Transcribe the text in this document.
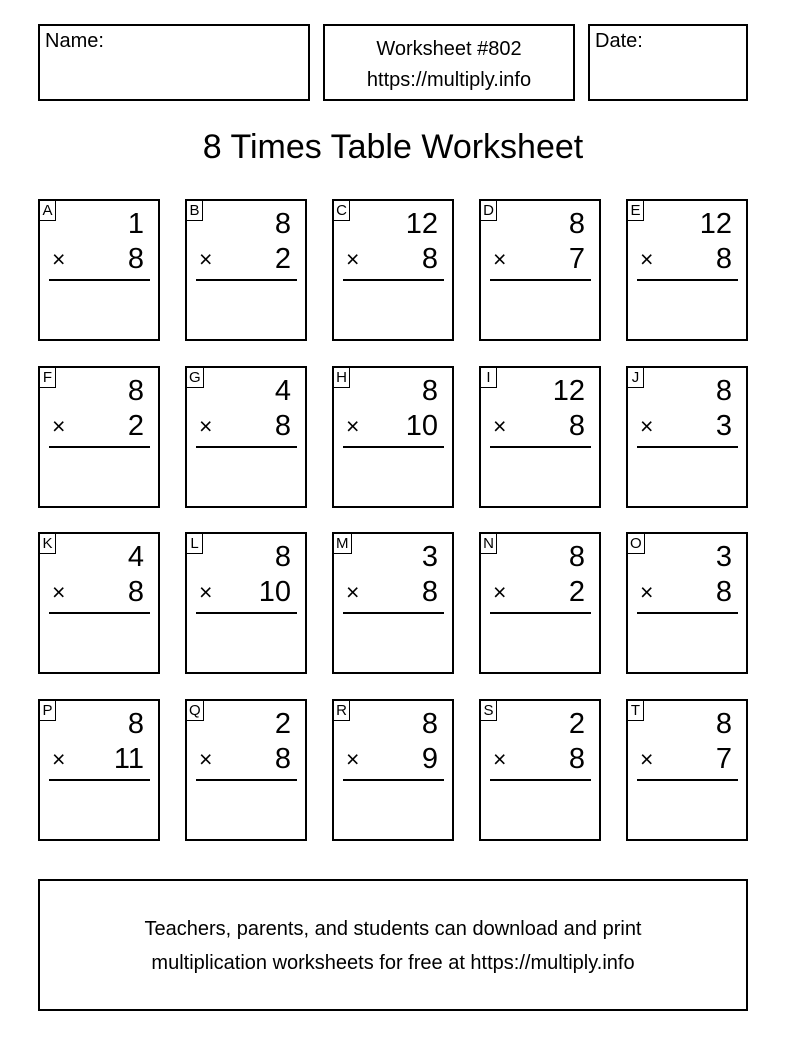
Name:	Worksheet #802
https://multiply.info
Date:
8 Times Table Worksheet
A	1
× 8
B	8
× 2
C 12
× 8
D	8
× 7
E 12
× 8
F	8
× 2
G	4
× 8
H	8
× 10
I 12
× 8
J	8
× 3
K	4
× 8
L	8
× 10
M	3
× 8
N	8
× 2
O	3
× 8
P	8
× 11
Q	2
× 8
R	8
× 9
S	2
× 8
T	8
× 7
Teachers, parents, and students can download and print
multiplication worksheets for free at https://multiply.info
